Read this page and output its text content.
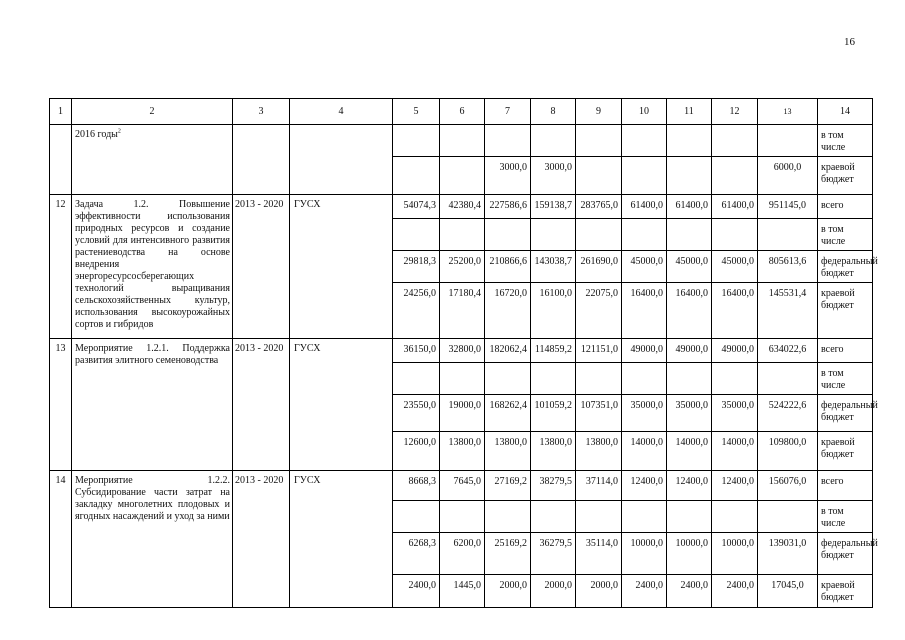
16
1	2	3	4	5	6	7	8	9	10	11	12	13	14
	2016 годы$^2$												в том числе
						3000,0	3000,0					6000,0	краевой бюджет
12	Задача 1.2. Повышение эффективности использования природных ресурсов и создание условий для интенсивного развития растениеводства на основе внедрения энергоресурсосберегающих технологий выращивания сельскохозяйственных культур, использования высокоурожайных сортов и гибридов	2013 - 2020	ГУСХ	54074,3	42380,4	227586,6	159138,7	283765,0	61400,0	61400,0	61400,0	951145,0	всего
													в том числе
				29818,3	25200,0	210866,6	143038,7	261690,0	45000,0	45000,0	45000,0	805613,6	федеральный бюджет
				24256,0	17180,4	16720,0	16100,0	22075,0	16400,0	16400,0	16400,0	145531,4	краевой бюджет
13	Мероприятие 1.2.1. Поддержка развития элитного семеноводства	2013 - 2020	ГУСХ	36150,0	32800,0	182062,4	114859,2	121151,0	49000,0	49000,0	49000,0	634022,6	всего
													в том числе
				23550,0	19000,0	168262,4	101059,2	107351,0	35000,0	35000,0	35000,0	524222,6	федеральный бюджет
				12600,0	13800,0	13800,0	13800,0	13800,0	14000,0	14000,0	14000,0	109800,0	краевой бюджет
14	Мероприятие 1.2.2. Субсидирование части затрат на закладку многолетних плодовых и ягодных насаждений и уход за ними	2013 - 2020	ГУСХ	8668,3	7645,0	27169,2	38279,5	37114,0	12400,0	12400,0	12400,0	156076,0	всего
													в том числе
				6268,3	6200,0	25169,2	36279,5	35114,0	10000,0	10000,0	10000,0	139031,0	федеральный бюджет
				2400,0	1445,0	2000,0	2000,0	2000,0	2400,0	2400,0	2400,0	17045,0	краевой бюджет
